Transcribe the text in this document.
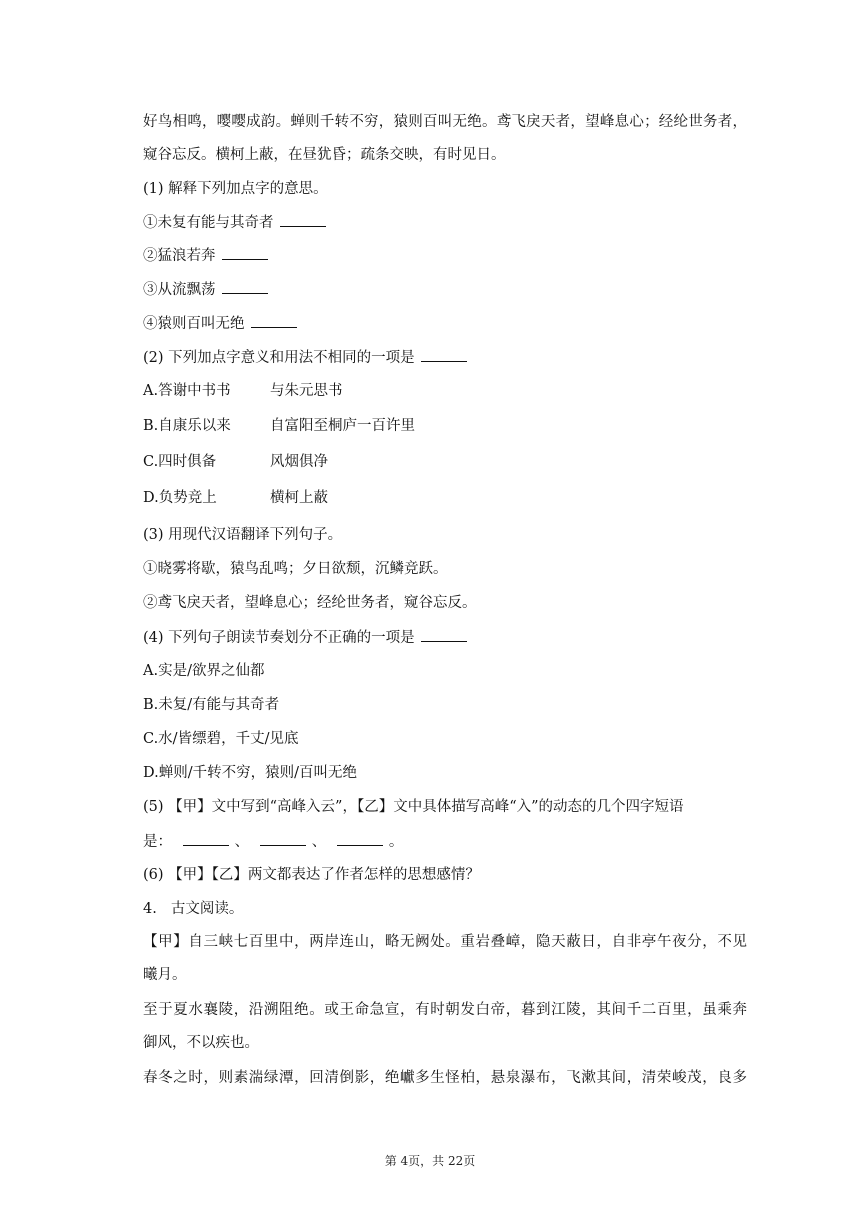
好鸟相鸣，嘤嘤成韵。蝉则千转不穷，猿则百叫无绝。鸢飞戾天者，望峰息心；经纶世务者，
窥谷忘反。横柯上蔽，在昼犹昏；疏条交映，有时见日。
(1) 解释下列加点字的意思。
①未复有能与其奇者
②猛浪若奔
③从流飘荡
④猿则百叫无绝
(2) 下列加点字意义和用法不相同的一项是
A.答谢中书书	与朱元思书
B.自康乐以来	自富阳至桐庐一百许里
C.四时俱备	风烟俱净
D.负势竞上	横柯上蔽
(3) 用现代汉语翻译下列句子。
①晓雾将歇，猿鸟乱鸣；夕日欲颓，沉鳞竞跃。
②鸢飞戾天者，望峰息心；经纶世务者，窥谷忘反。
(4) 下列句子朗读节奏划分不正确的一项是
A.实是/欲界之仙都
B.未复/有能与其奇者
C.水/皆缥碧，千丈/见底
D.蝉则/千转不穷，猿则/百叫无绝
(5) 【甲】文中写到“高峰入云”，【乙】文中具体描写高峰“入”的动态的几个四字短语
是：	、	、	。
(6) 【甲】【乙】两文都表达了作者怎样的思想感情？
4. 古文阅读。
【甲】自三峡七百里中，两岸连山，略无阙处。重岩叠嶂，隐天蔽日，自非亭午夜分，不见
曦月。
至于夏水襄陵，沿溯阻绝。或王命急宣，有时朝发白帝，暮到江陵，其间千二百里，虽乘奔
御风，不以疾也。
春冬之时，则素湍绿潭，回清倒影，绝巘多生怪柏，悬泉瀑布，飞漱其间，清荣峻茂，良多
第 4页，共 22页
